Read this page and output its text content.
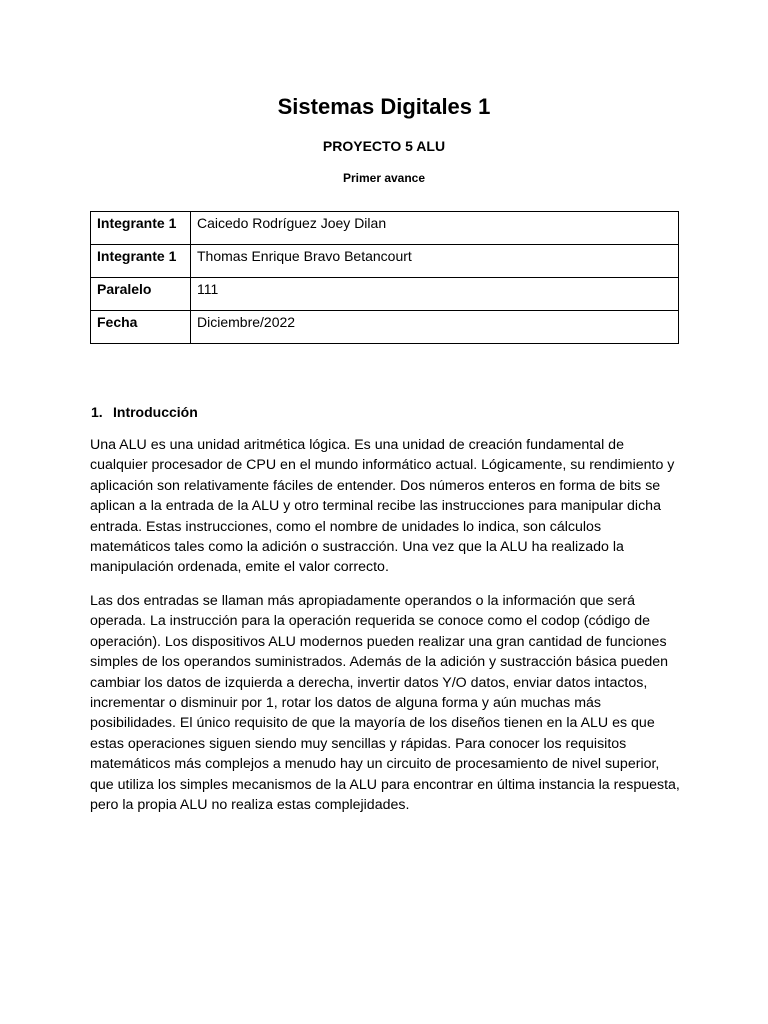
Sistemas Digitales 1
PROYECTO 5 ALU
Primer avance
Integrante 1	Caicedo Rodríguez Joey Dilan
Integrante 1	Thomas Enrique Bravo Betancourt
Paralelo	111
Fecha	Diciembre/2022
1. Introducción

Una ALU es una unidad aritmética lógica. Es una unidad de creación fundamental de cualquier procesador de CPU en el mundo informático actual. Lógicamente, su rendimiento y aplicación son relativamente fáciles de entender. Dos números enteros en forma de bits se aplican a la entrada de la ALU y otro terminal recibe las instrucciones para manipular dicha entrada. Estas instrucciones, como el nombre de unidades lo indica, son cálculos matemáticos tales como la adición o sustracción. Una vez que la ALU ha realizado la manipulación ordenada, emite el valor correcto.

Las dos entradas se llaman más apropiadamente operandos o la información que será operada. La instrucción para la operación requerida se conoce como el codop (código de operación). Los dispositivos ALU modernos pueden realizar una gran cantidad de funciones simples de los operandos suministrados. Además de la adición y sustracción básica pueden cambiar los datos de izquierda a derecha, invertir datos Y/O datos, enviar datos intactos, incrementar o disminuir por 1, rotar los datos de alguna forma y aún muchas más posibilidades. El único requisito de que la mayoría de los diseños tienen en la ALU es que estas operaciones siguen siendo muy sencillas y rápidas. Para conocer los requisitos matemáticos más complejos a menudo hay un circuito de procesamiento de nivel superior, que utiliza los simples mecanismos de la ALU para encontrar en última instancia la respuesta, pero la propia ALU no realiza estas complejidades.
